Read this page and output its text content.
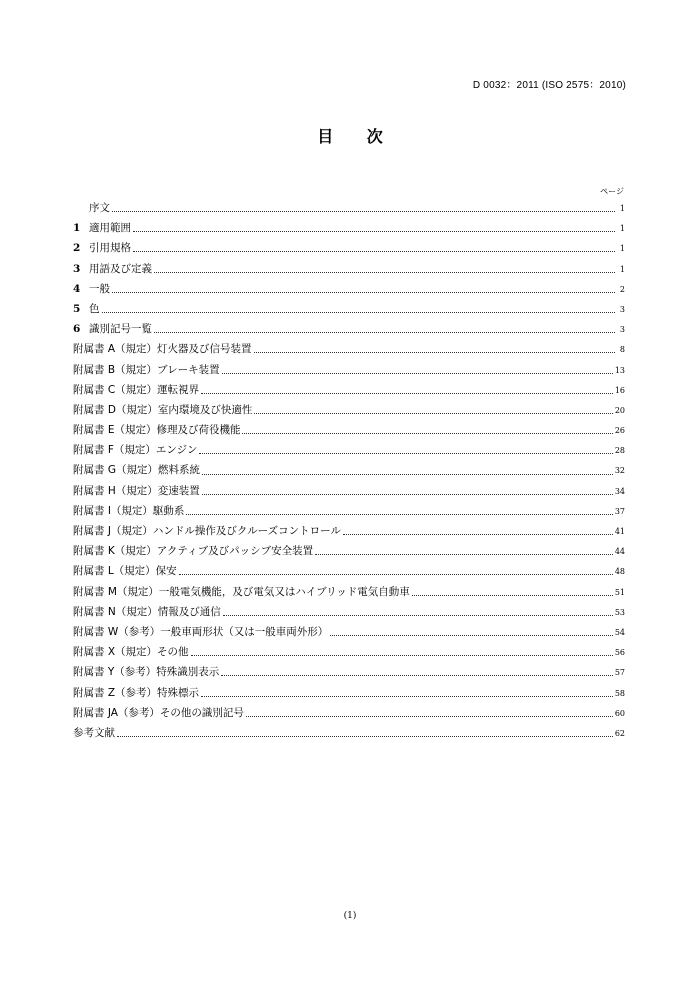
D 0032：2011 (ISO 2575：2010)
目 次
ページ
序文	1
1 適用範囲	1
2 引用規格	1
3 用語及び定義	1
4 一般	2
5 色	3
6 識別記号一覧	3
附属書 A（規定）灯火器及び信号装置	8
附属書 B（規定）ブレーキ装置	13
附属書 C（規定）運転視界	16
附属書 D（規定）室内環境及び快適性	20
附属書 E（規定）修理及び荷役機能	26
附属書 F（規定）エンジン	28
附属書 G（規定）燃料系統	32
附属書 H（規定）変速装置	34
附属書 I（規定）駆動系	37
附属書 J（規定）ハンドル操作及びクルーズコントロール	41
附属書 K（規定）アクティブ及びパッシブ安全装置	44
附属書 L（規定）保安	48
附属書 M（規定）一般電気機能，及び電気又はハイブリッド電気自動車	51
附属書 N（規定）情報及び通信	53
附属書 W（参考）一般車両形状（又は一般車両外形）	54
附属書 X（規定）その他	56
附属書 Y（参考）特殊識別表示	57
附属書 Z（参考）特殊標示	58
附属書 JA（参考）その他の識別記号	60
参考文献	62
(1)
